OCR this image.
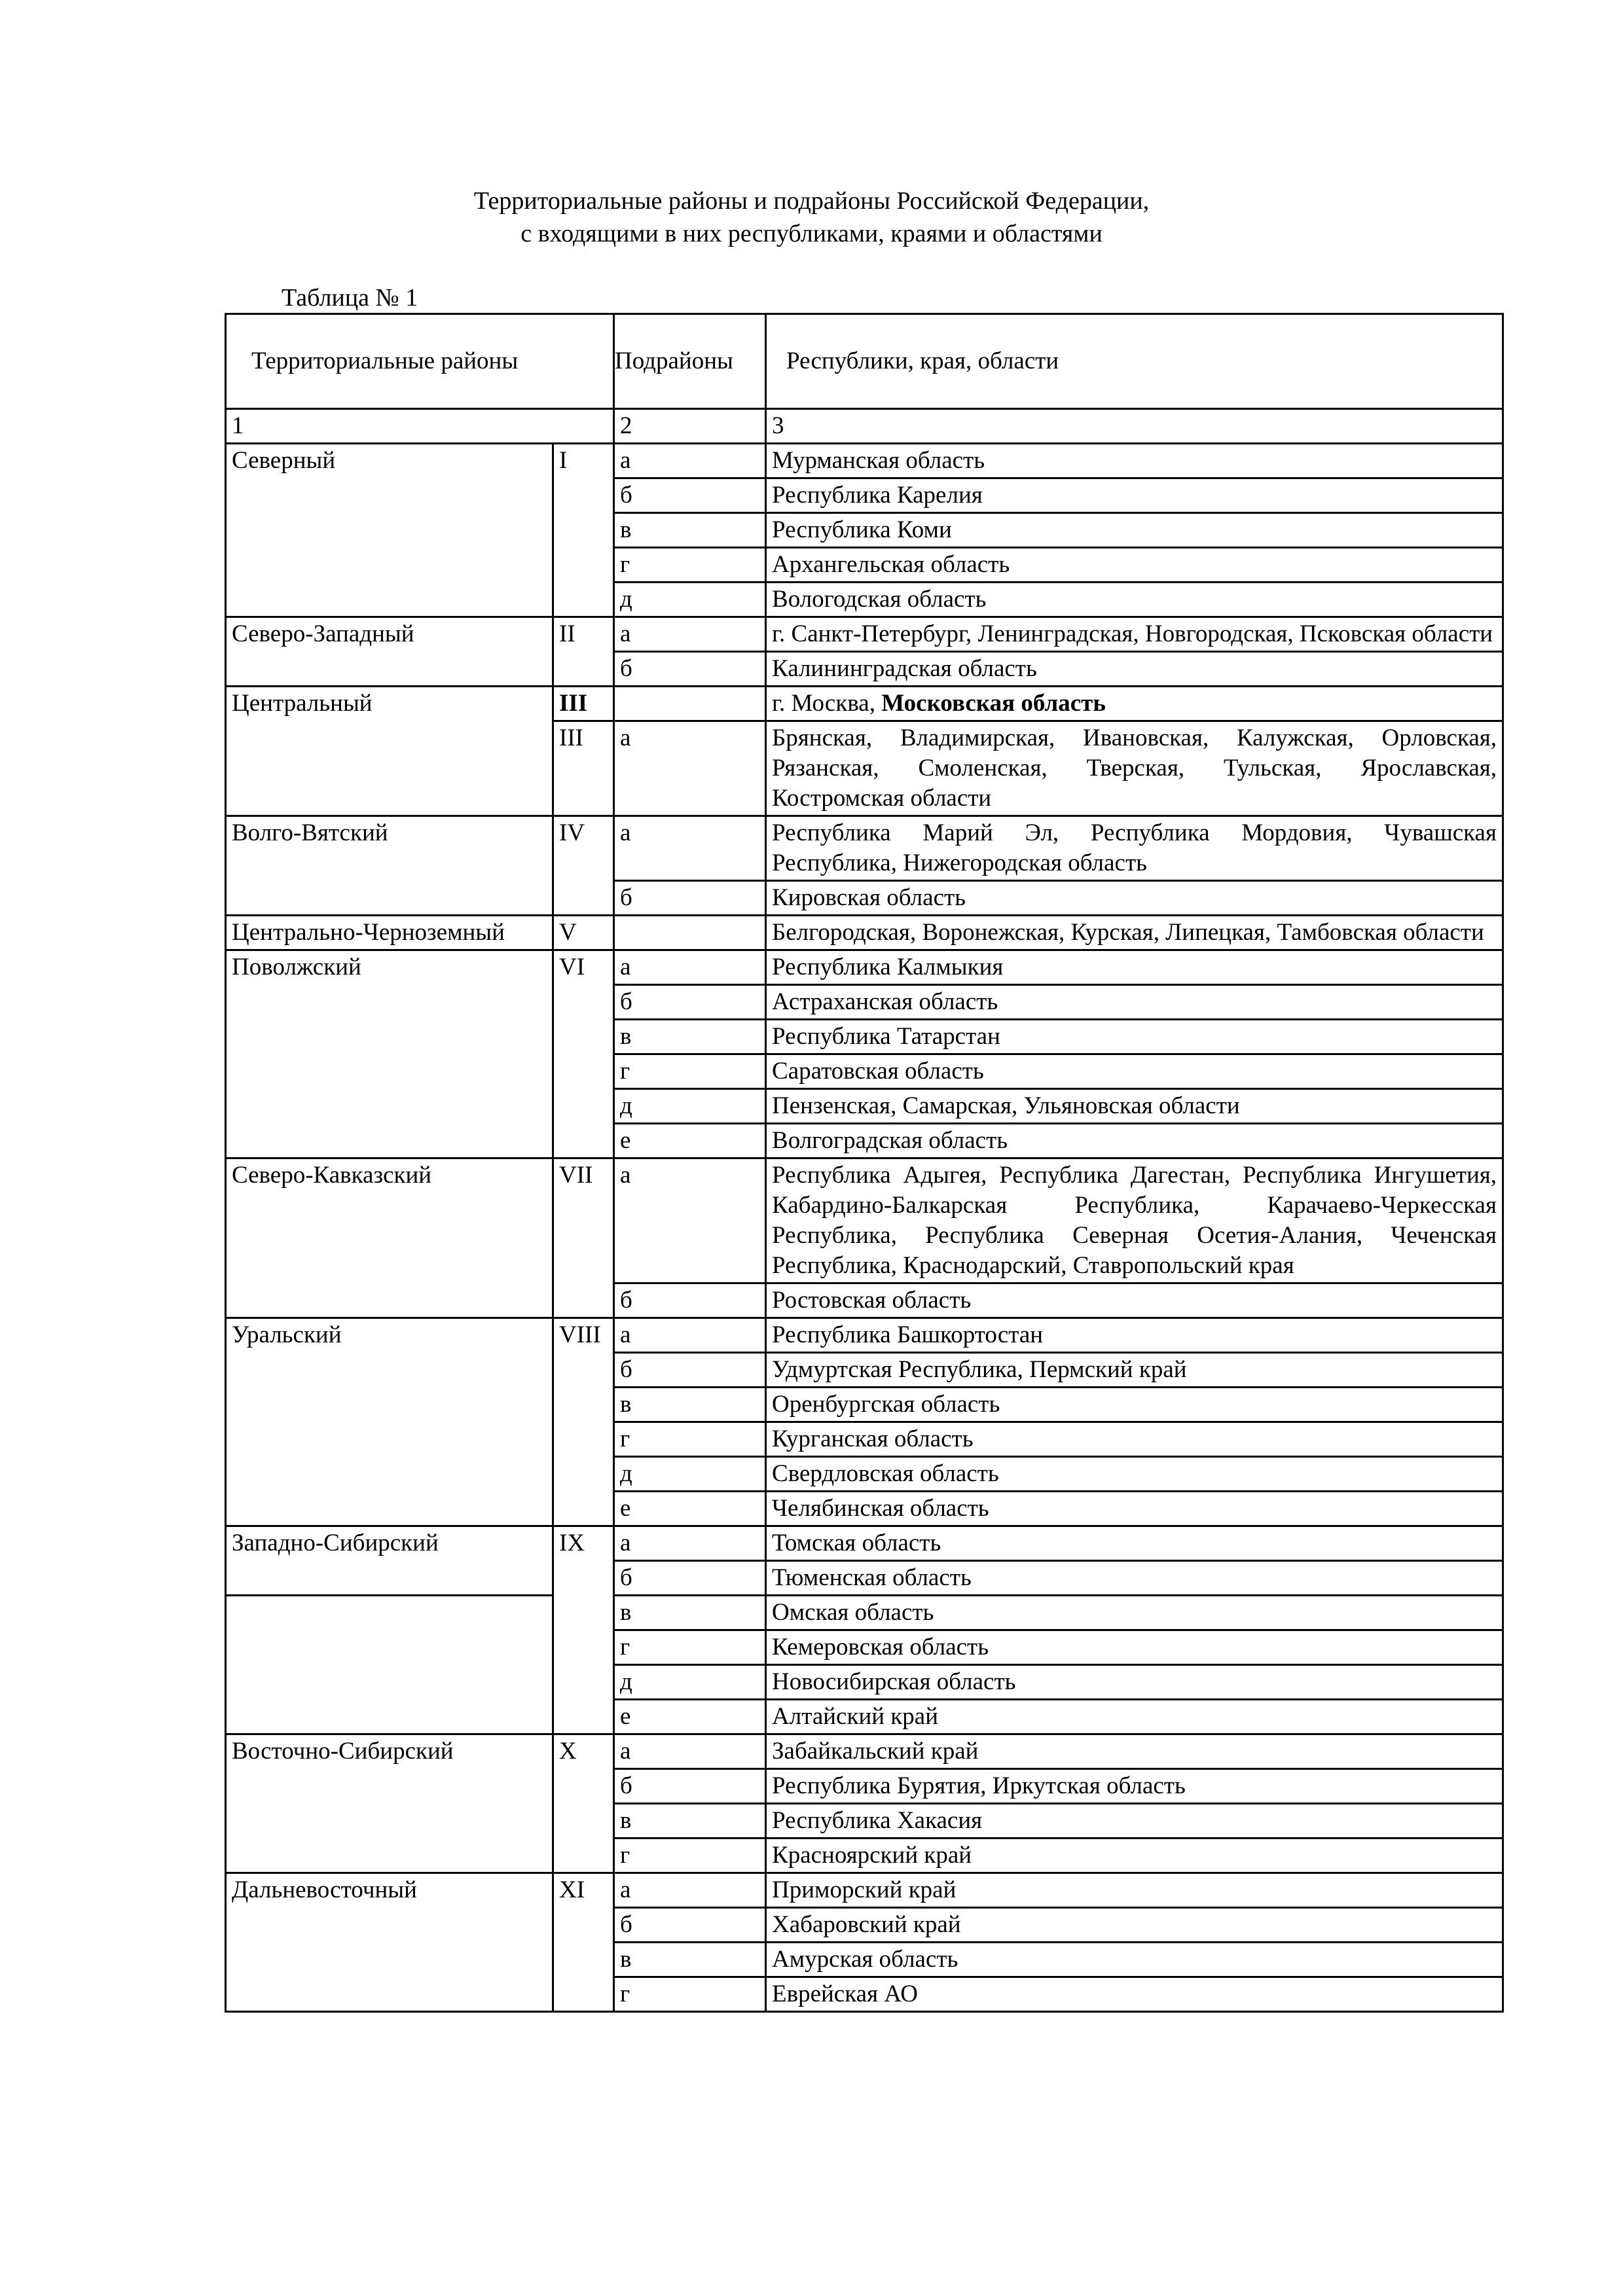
Территориальные районы и подрайоны Российской Федерации,
с входящими в них республиками, краями и областями
Таблица № 1
Территориальные районы		Подрайоны	Республики, края, области
1		2	3
Северный	I	а	Мурманская область
		б	Республика Карелия
		в	Республика Коми
		г	Архангельская область
		д	Вологодская область
Северо-Западный	II	а	г. Санкт-Петербург, Ленинградская, Новгородская, Псковская области
		б	Калининградская область
Центральный	III		г. Москва, Московская область
	III	а	Брянская, Владимирская, Ивановская, Калужская, Орловская, Рязанская, Смоленская, Тверская, Тульская, Ярославская, Костромская области
Волго-Вятский	IV	а	Республика Марий Эл, Республика Мордовия, Чувашская Республика, Нижегородская область
		б	Кировская область
Центрально-Черноземный	V		Белгородская, Воронежская, Курская, Липецкая, Тамбовская области
Поволжский	VI	а	Республика Калмыкия
		б	Астраханская область
		в	Республика Татарстан
		г	Саратовская область
		д	Пензенская, Самарская, Ульяновская области
		е	Волгоградская область
Северо-Кавказский	VII	а	Республика Адыгея, Республика Дагестан, Республика Ингушетия, Кабардино-Балкарская Республика, Карачаево-Черкесская Республика, Республика Северная Осетия-Алания, Чеченская Республика, Краснодарский, Ставропольский края
		б	Ростовская область
Уральский	VIII	а	Республика Башкортостан
		б	Удмуртская Республика, Пермский край
		в	Оренбургская область
		г	Курганская область
		д	Свердловская область
		е	Челябинская область
Западно-Сибирский	IX	а	Томская область
		б	Тюменская область
		в	Омская область
		г	Кемеровская область
		д	Новосибирская область
		е	Алтайский край
Восточно-Сибирский	X	а	Забайкальский край
		б	Республика Бурятия, Иркутская область
		в	Республика Хакасия
		г	Красноярский край
Дальневосточный	XI	а	Приморский край
		б	Хабаровский край
		в	Амурская область
		г	Еврейская АО
